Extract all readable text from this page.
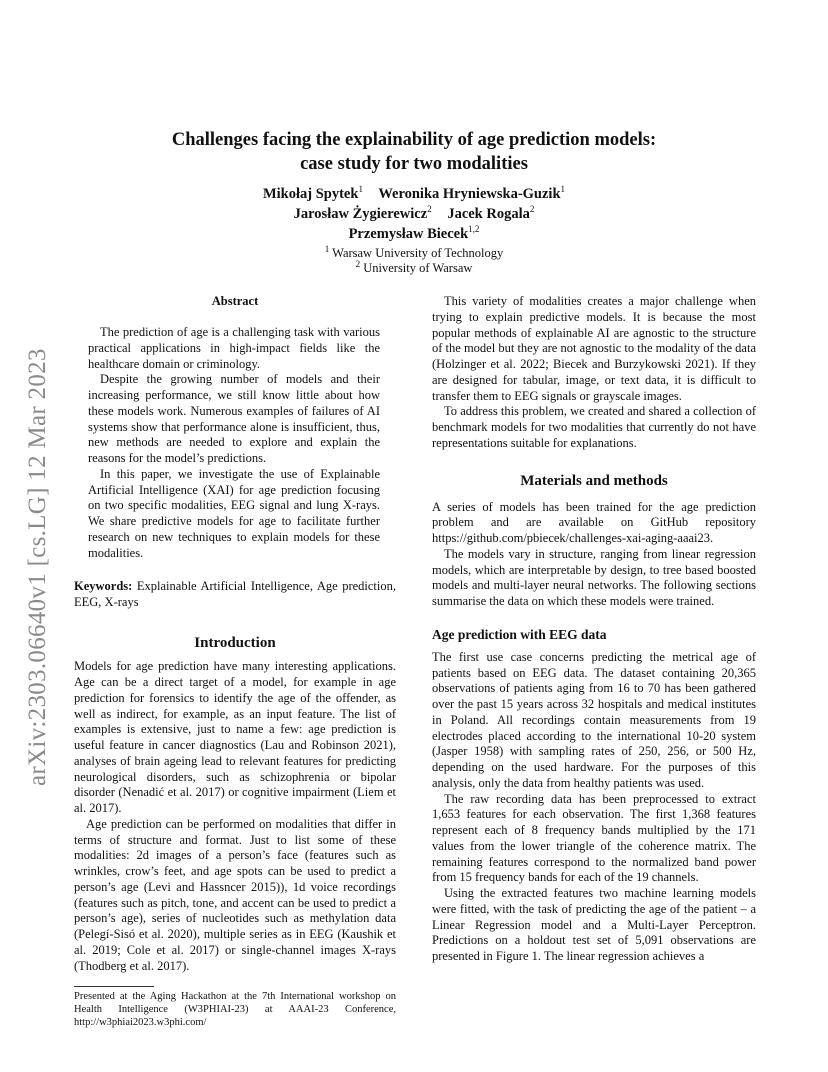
arXiv:2303.06640v1 [cs.LG] 12 Mar 2023
Challenges facing the explainability of age prediction models:
case study for two modalities
Mikołaj Spytek$^1$ Weronika Hryniewska-Guzik$^1$
Jarosław Żygierewicz$^2$ Jacek Rogala$^2$
Przemysław Biecek$^{1,2}$
$^1$ Warsaw University of Technology
$^2$ University of Warsaw
Abstract

The prediction of age is a challenging task with various practical applications in high-impact fields like the healthcare domain or criminology.

Despite the growing number of models and their increasing performance, we still know little about how these models work. Numerous examples of failures of AI systems show that performance alone is insufficient, thus, new methods are needed to explore and explain the reasons for the model’s predictions.

In this paper, we investigate the use of Explainable Artificial Intelligence (XAI) for age prediction focusing on two specific modalities, EEG signal and lung X-rays. We share predictive models for age to facilitate further research on new techniques to explain models for these modalities.

Keywords: Explainable Artificial Intelligence, Age prediction, EEG, X-rays
Introduction

Models for age prediction have many interesting applications. Age can be a direct target of a model, for example in age prediction for forensics to identify the age of the offender, as well as indirect, for example, as an input feature. The list of examples is extensive, just to name a few: age prediction is useful feature in cancer diagnostics (Lau and Robinson 2021), analyses of brain ageing lead to relevant features for predicting neurological disorders, such as schizophrenia or bipolar disorder (Nenadić et al. 2017) or cognitive impairment (Liem et al. 2017).

Age prediction can be performed on modalities that differ in terms of structure and format. Just to list some of these modalities: 2d images of a person’s face (features such as wrinkles, crow’s feet, and age spots can be used to predict a person’s age (Levi and Hassncer 2015)), 1d voice recordings (features such as pitch, tone, and accent can be used to predict a person’s age), series of nucleotides such as methylation data (Pelegí-Sisó et al. 2020), multiple series as in EEG (Kaushik et al. 2019; Cole et al. 2017) or single-channel images X-rays (Thodberg et al. 2017).

Presented at the Aging Hackathon at the 7th International workshop on Health Intelligence (W3PHIAI-23) at AAAI-23 Conference, http://w3phiai2023.w3phi.com/

This variety of modalities creates a major challenge when trying to explain predictive models. It is because the most popular methods of explainable AI are agnostic to the structure of the model but they are not agnostic to the modality of the data (Holzinger et al. 2022; Biecek and Burzykowski 2021). If they are designed for tabular, image, or text data, it is difficult to transfer them to EEG signals or grayscale images.

To address this problem, we created and shared a collection of benchmark models for two modalities that currently do not have representations suitable for explanations.

Materials and methods

A series of models has been trained for the age prediction problem and are available on GitHub repository https://github.com/pbiecek/challenges-xai-aging-aaai23.

The models vary in structure, ranging from linear regression models, which are interpretable by design, to tree based boosted models and multi-layer neural networks. The following sections summarise the data on which these models were trained.

Age prediction with EEG data

The first use case concerns predicting the metrical age of patients based on EEG data. The dataset containing 20,365 observations of patients aging from 16 to 70 has been gathered over the past 15 years across 32 hospitals and medical institutes in Poland. All recordings contain measurements from 19 electrodes placed according to the international 10-20 system (Jasper 1958) with sampling rates of 250, 256, or 500 Hz, depending on the used hardware. For the purposes of this analysis, only the data from healthy patients was used.

The raw recording data has been preprocessed to extract 1,653 features for each observation. The first 1,368 features represent each of 8 frequency bands multiplied by the 171 values from the lower triangle of the coherence matrix. The remaining features correspond to the normalized band power from 15 frequency bands for each of the 19 channels.

Using the extracted features two machine learning models were fitted, with the task of predicting the age of the patient – a Linear Regression model and a Multi-Layer Perceptron. Predictions on a holdout test set of 5,091 observations are presented in Figure 1. The linear regression achieves a
